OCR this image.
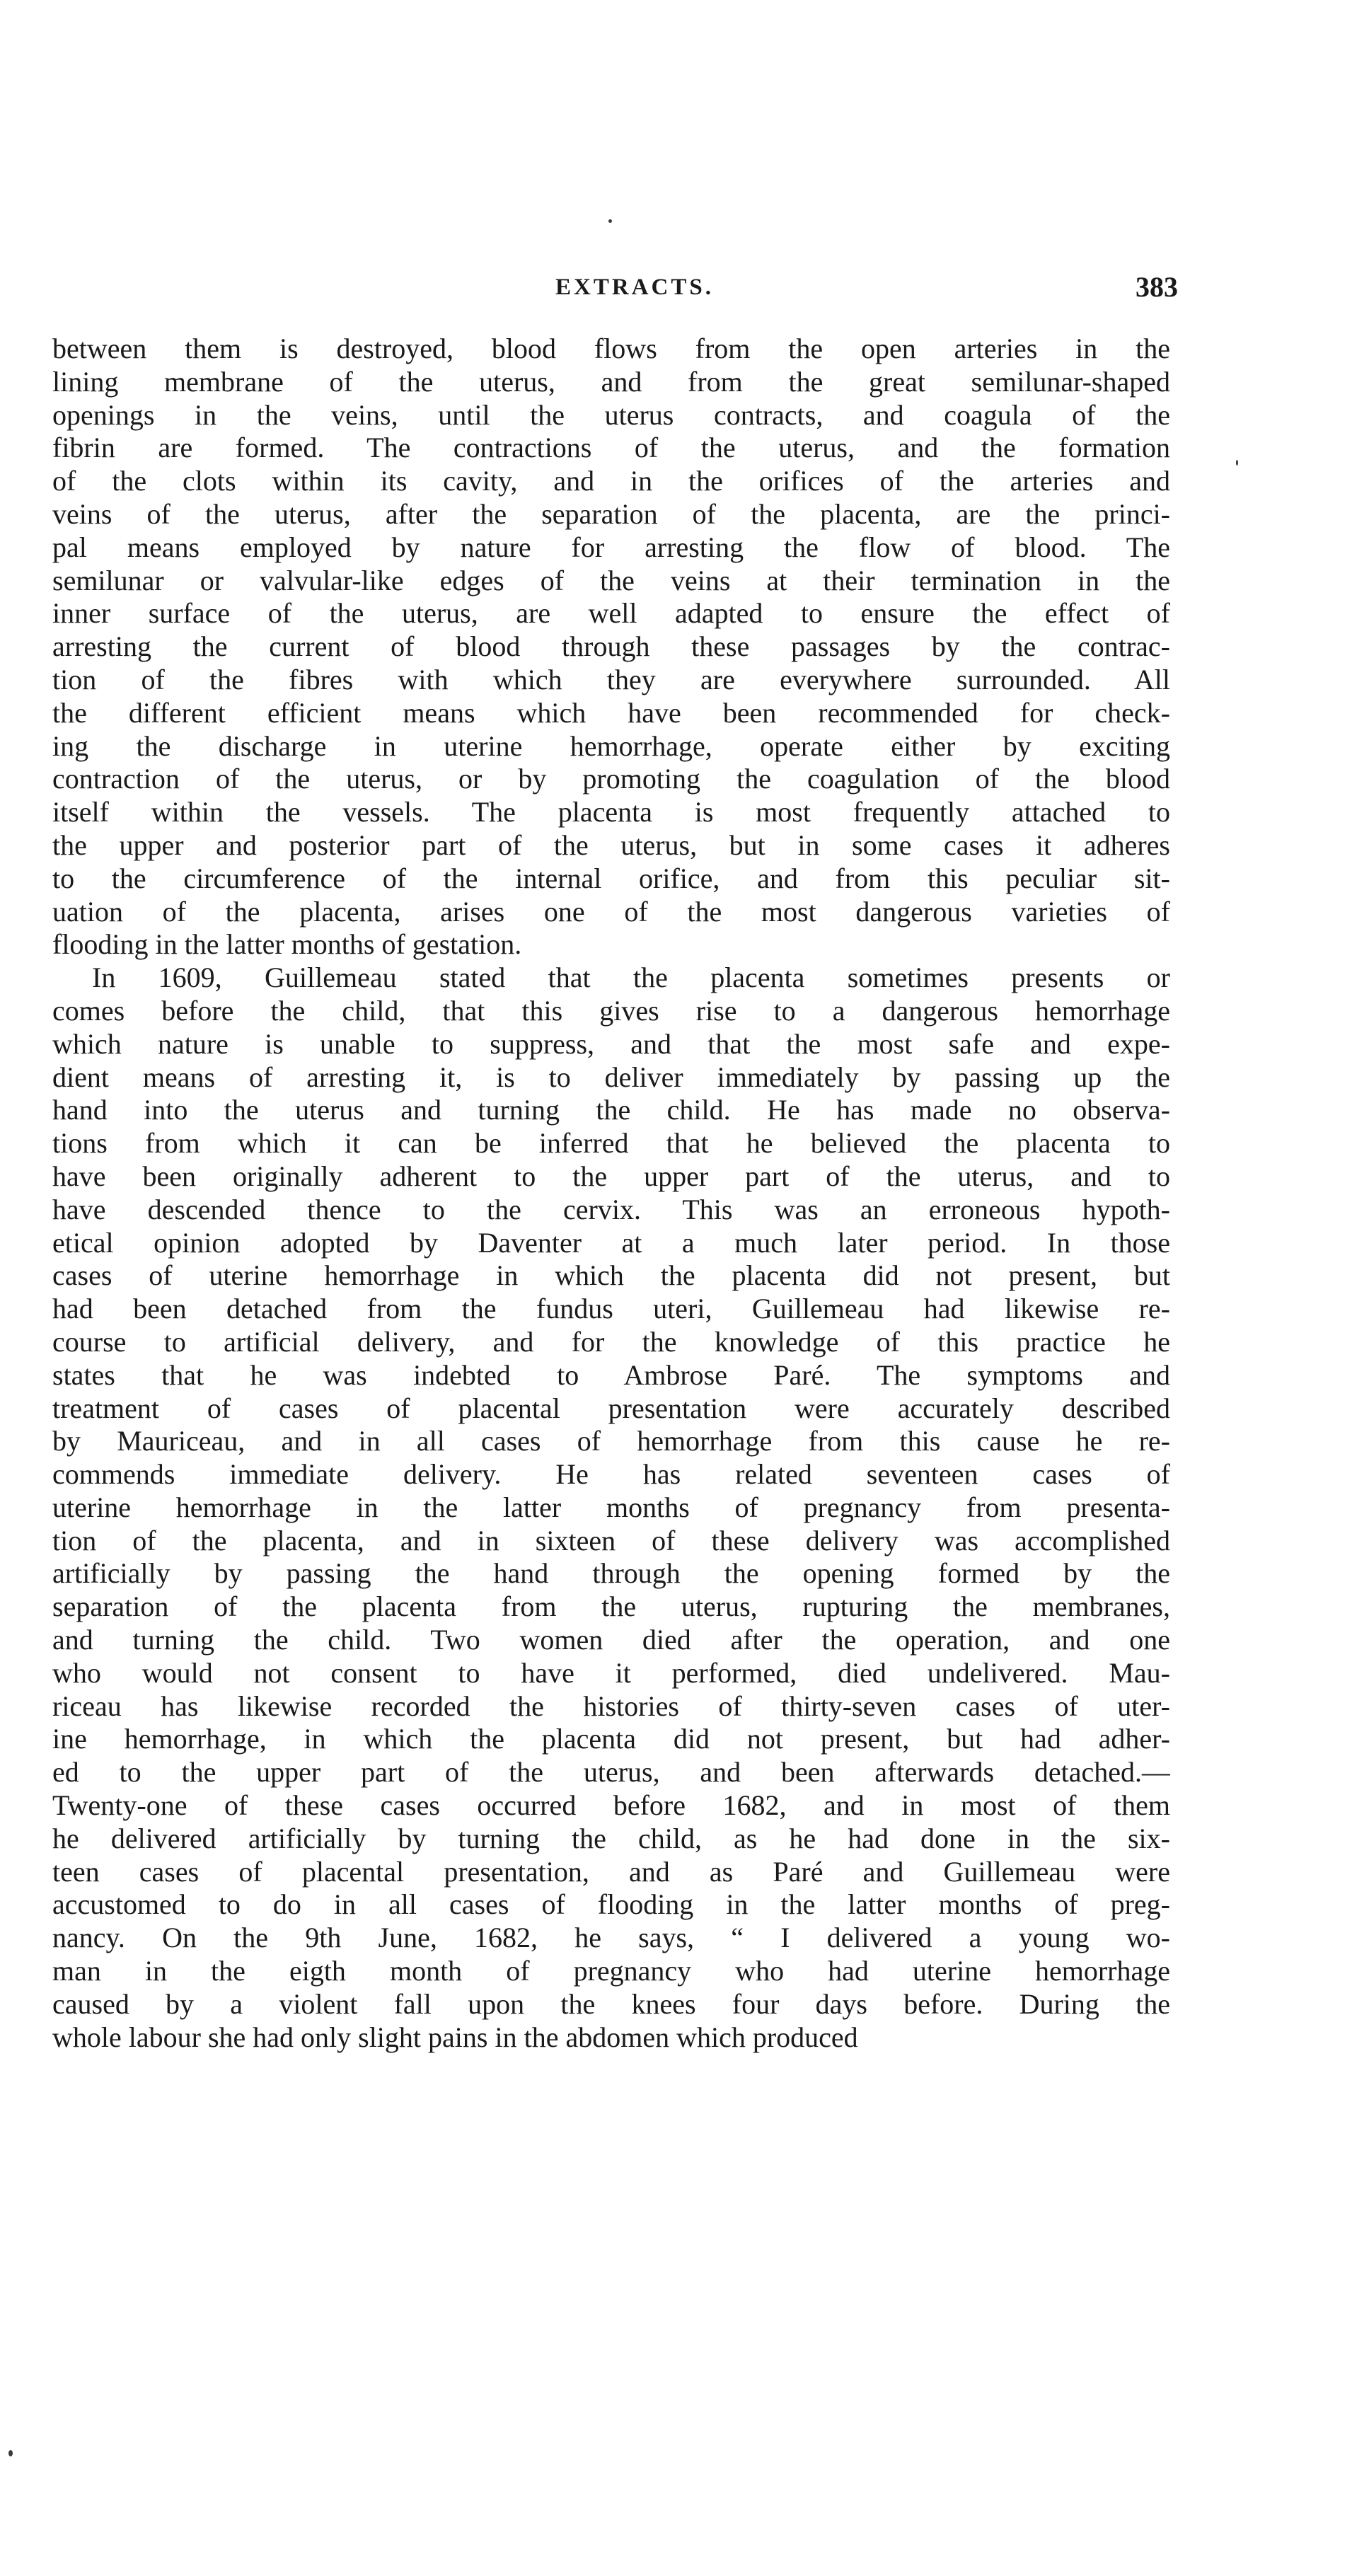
EXTRACTS.	383
between them is destroyed, blood flows from the open arteries in the
lining membrane of the uterus, and from the great semilunar-shaped
openings in the veins, until the uterus contracts, and coagula of the
fibrin are formed. The contractions of the uterus, and the formation
of the clots within its cavity, and in the orifices of the arteries and
veins of the uterus, after the separation of the placenta, are the princi-
pal means employed by nature for arresting the flow of blood. The
semilunar or valvular-like edges of the veins at their termination in the
inner surface of the uterus, are well adapted to ensure the effect of
arresting the current of blood through these passages by the contrac-
tion of the fibres with which they are everywhere surrounded. All
the different efficient means which have been recommended for check-
ing the discharge in uterine hemorrhage, operate either by exciting
contraction of the uterus, or by promoting the coagulation of the blood
itself within the vessels. The placenta is most frequently attached to
the upper and posterior part of the uterus, but in some cases it adheres
to the circumference of the internal orifice, and from this peculiar sit-
uation of the placenta, arises one of the most dangerous varieties of
flooding in the latter months of gestation.
In 1609, Guillemeau stated that the placenta sometimes presents or
comes before the child, that this gives rise to a dangerous hemorrhage
which nature is unable to suppress, and that the most safe and expe-
dient means of arresting it, is to deliver immediately by passing up the
hand into the uterus and turning the child. He has made no observa-
tions from which it can be inferred that he believed the placenta to
have been originally adherent to the upper part of the uterus, and to
have descended thence to the cervix. This was an erroneous hypoth-
etical opinion adopted by Daventer at a much later period. In those
cases of uterine hemorrhage in which the placenta did not present, but
had been detached from the fundus uteri, Guillemeau had likewise re-
course to artificial delivery, and for the knowledge of this practice he
states that he was indebted to Ambrose Paré. The symptoms and
treatment of cases of placental presentation were accurately described
by Mauriceau, and in all cases of hemorrhage from this cause he re-
commends immediate delivery. He has related seventeen cases of
uterine hemorrhage in the latter months of pregnancy from presenta-
tion of the placenta, and in sixteen of these delivery was accomplished
artificially by passing the hand through the opening formed by the
separation of the placenta from the uterus, rupturing the membranes,
and turning the child. Two women died after the operation, and one
who would not consent to have it performed, died undelivered. Mau-
riceau has likewise recorded the histories of thirty-seven cases of uter-
ine hemorrhage, in which the placenta did not present, but had adher-
ed to the upper part of the uterus, and been afterwards detached.—
Twenty-one of these cases occurred before 1682, and in most of them
he delivered artificially by turning the child, as he had done in the six-
teen cases of placental presentation, and as Paré and Guillemeau were
accustomed to do in all cases of flooding in the latter months of preg-
nancy. On the 9th June, 1682, he says, “ I delivered a young wo-
man in the eigth month of pregnancy who had uterine hemorrhage
caused by a violent fall upon the knees four days before. During the
whole labour she had only slight pains in the abdomen which produced
